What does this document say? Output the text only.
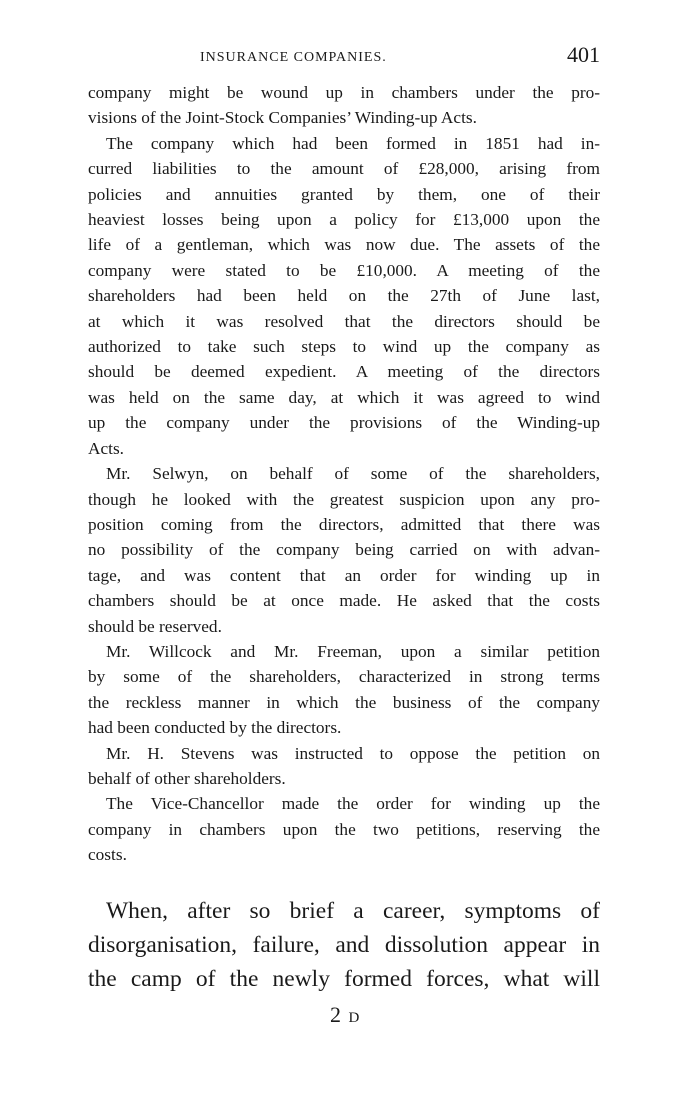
INSURANCE COMPANIES.	401

company might be wound up in chambers under the pro-
visions of the Joint-Stock Companies’ Winding-up Acts.

The company which had been formed in 1851 had in-
curred liabilities to the amount of £28,000, arising from
policies and annuities granted by them, one of their
heaviest losses being upon a policy for £13,000 upon the
life of a gentleman, which was now due. The assets of the
company were stated to be £10,000. A meeting of the
shareholders had been held on the 27th of June last,
at which it was resolved that the directors should be
authorized to take such steps to wind up the company as
should be deemed expedient. A meeting of the directors
was held on the same day, at which it was agreed to wind
up the company under the provisions of the Winding-up
Acts.

Mr. Selwyn, on behalf of some of the shareholders,
though he looked with the greatest suspicion upon any pro-
position coming from the directors, admitted that there was
no possibility of the company being carried on with advan-
tage, and was content that an order for winding up in
chambers should be at once made. He asked that the costs
should be reserved.

Mr. Willcock and Mr. Freeman, upon a similar petition
by some of the shareholders, characterized in strong terms
the reckless manner in which the business of the company
had been conducted by the directors.

Mr. H. Stevens was instructed to oppose the petition on
behalf of other shareholders.

The Vice-Chancellor made the order for winding up the
company in chambers upon the two petitions, reserving the
costs.

When, after so brief a career, symptoms of
disorganisation, failure, and dissolution appear in
the camp of the newly formed forces, what will
2 D
